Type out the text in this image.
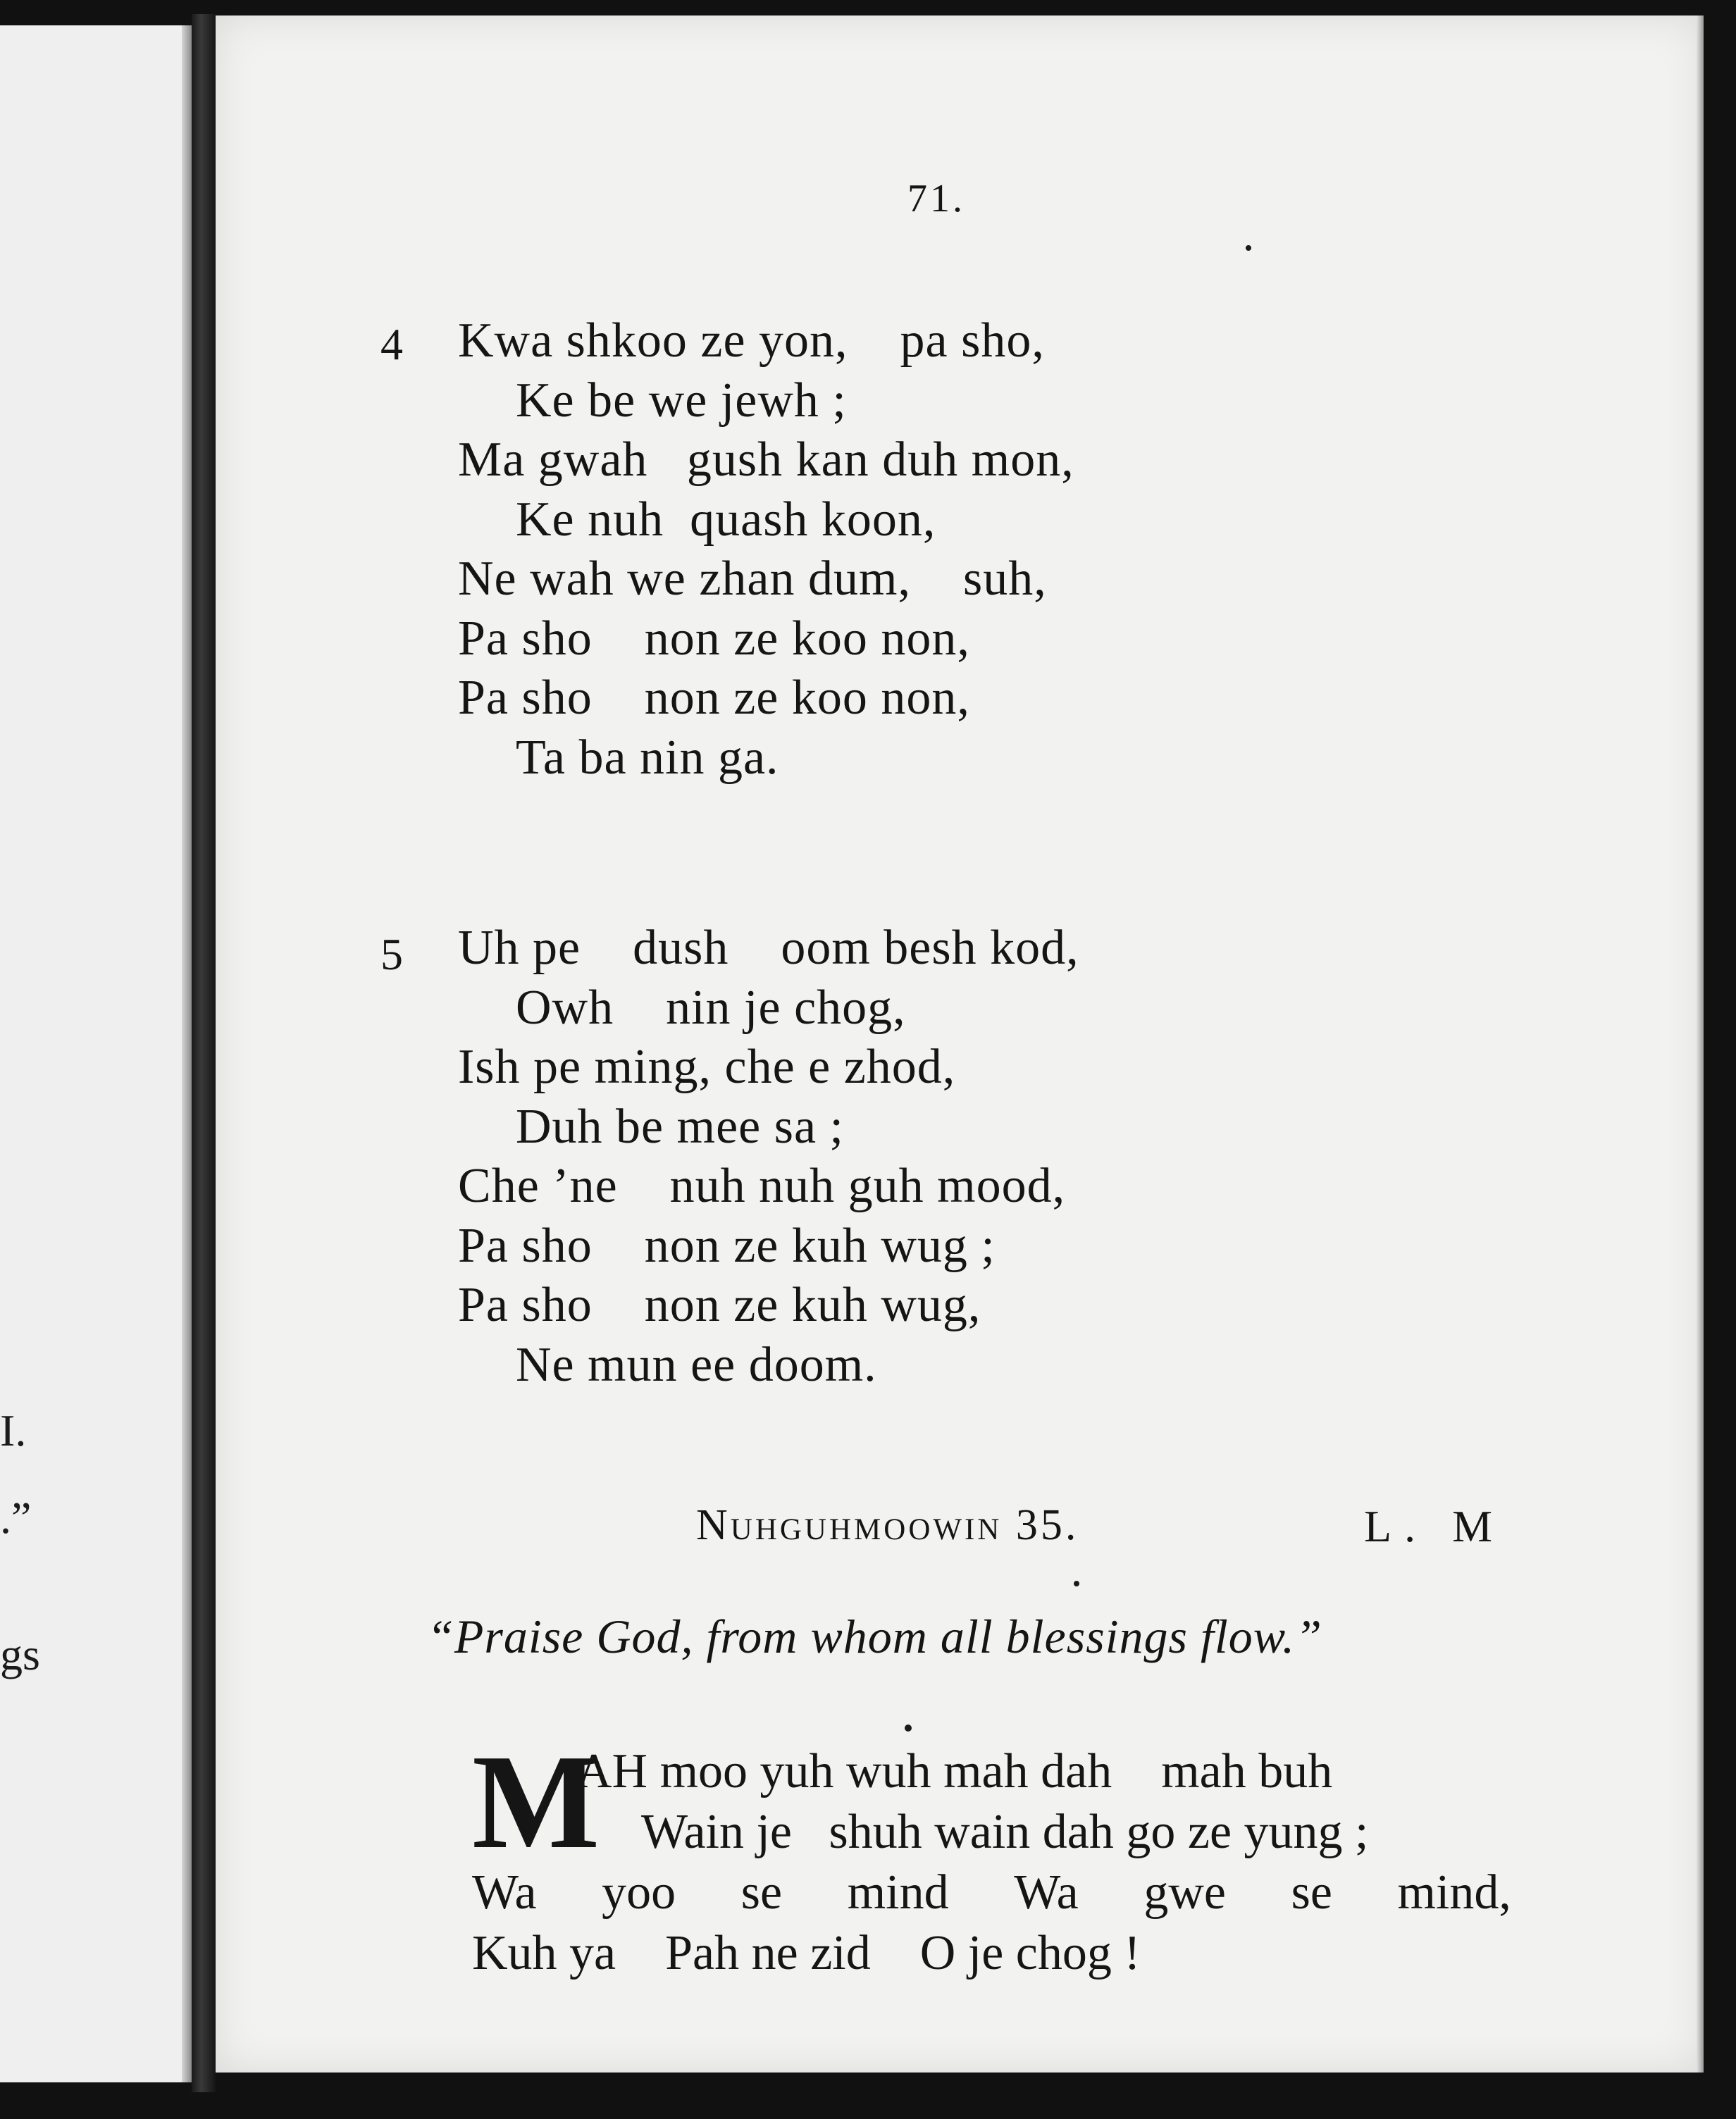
I.
.”
gs
71.
4 Kwa shkoo ze yon,    pa sho,
Ke be we jewh ;
Ma gwah   gush kan duh mon,
Ke nuh  quash koon,
Ne wah we zhan dum,    suh,
Pa sho    non ze koo non,
Pa sho    non ze koo non,
Ta ba nin ga.
5 Uh pe    dush    oom besh kod,
Owh    nin je chog,
Ish pe ming, che e zhod,
Duh be mee sa ;
Che ’ne    nuh nuh guh mood,
Pa sho    non ze kuh wug ;
Pa sho    non ze kuh wug,
Ne mun ee doom.
Nuhguhmoowin 35.	L. M
“Praise God, from whom all blessings flow.”
M
AH moo yuh wuh mah dah    mah buh
Wain je   shuh wain dah go ze yung ;
Wa yoo se mind Wa gwe se mind,
Kuh ya    Pah ne zid    O je chog !
